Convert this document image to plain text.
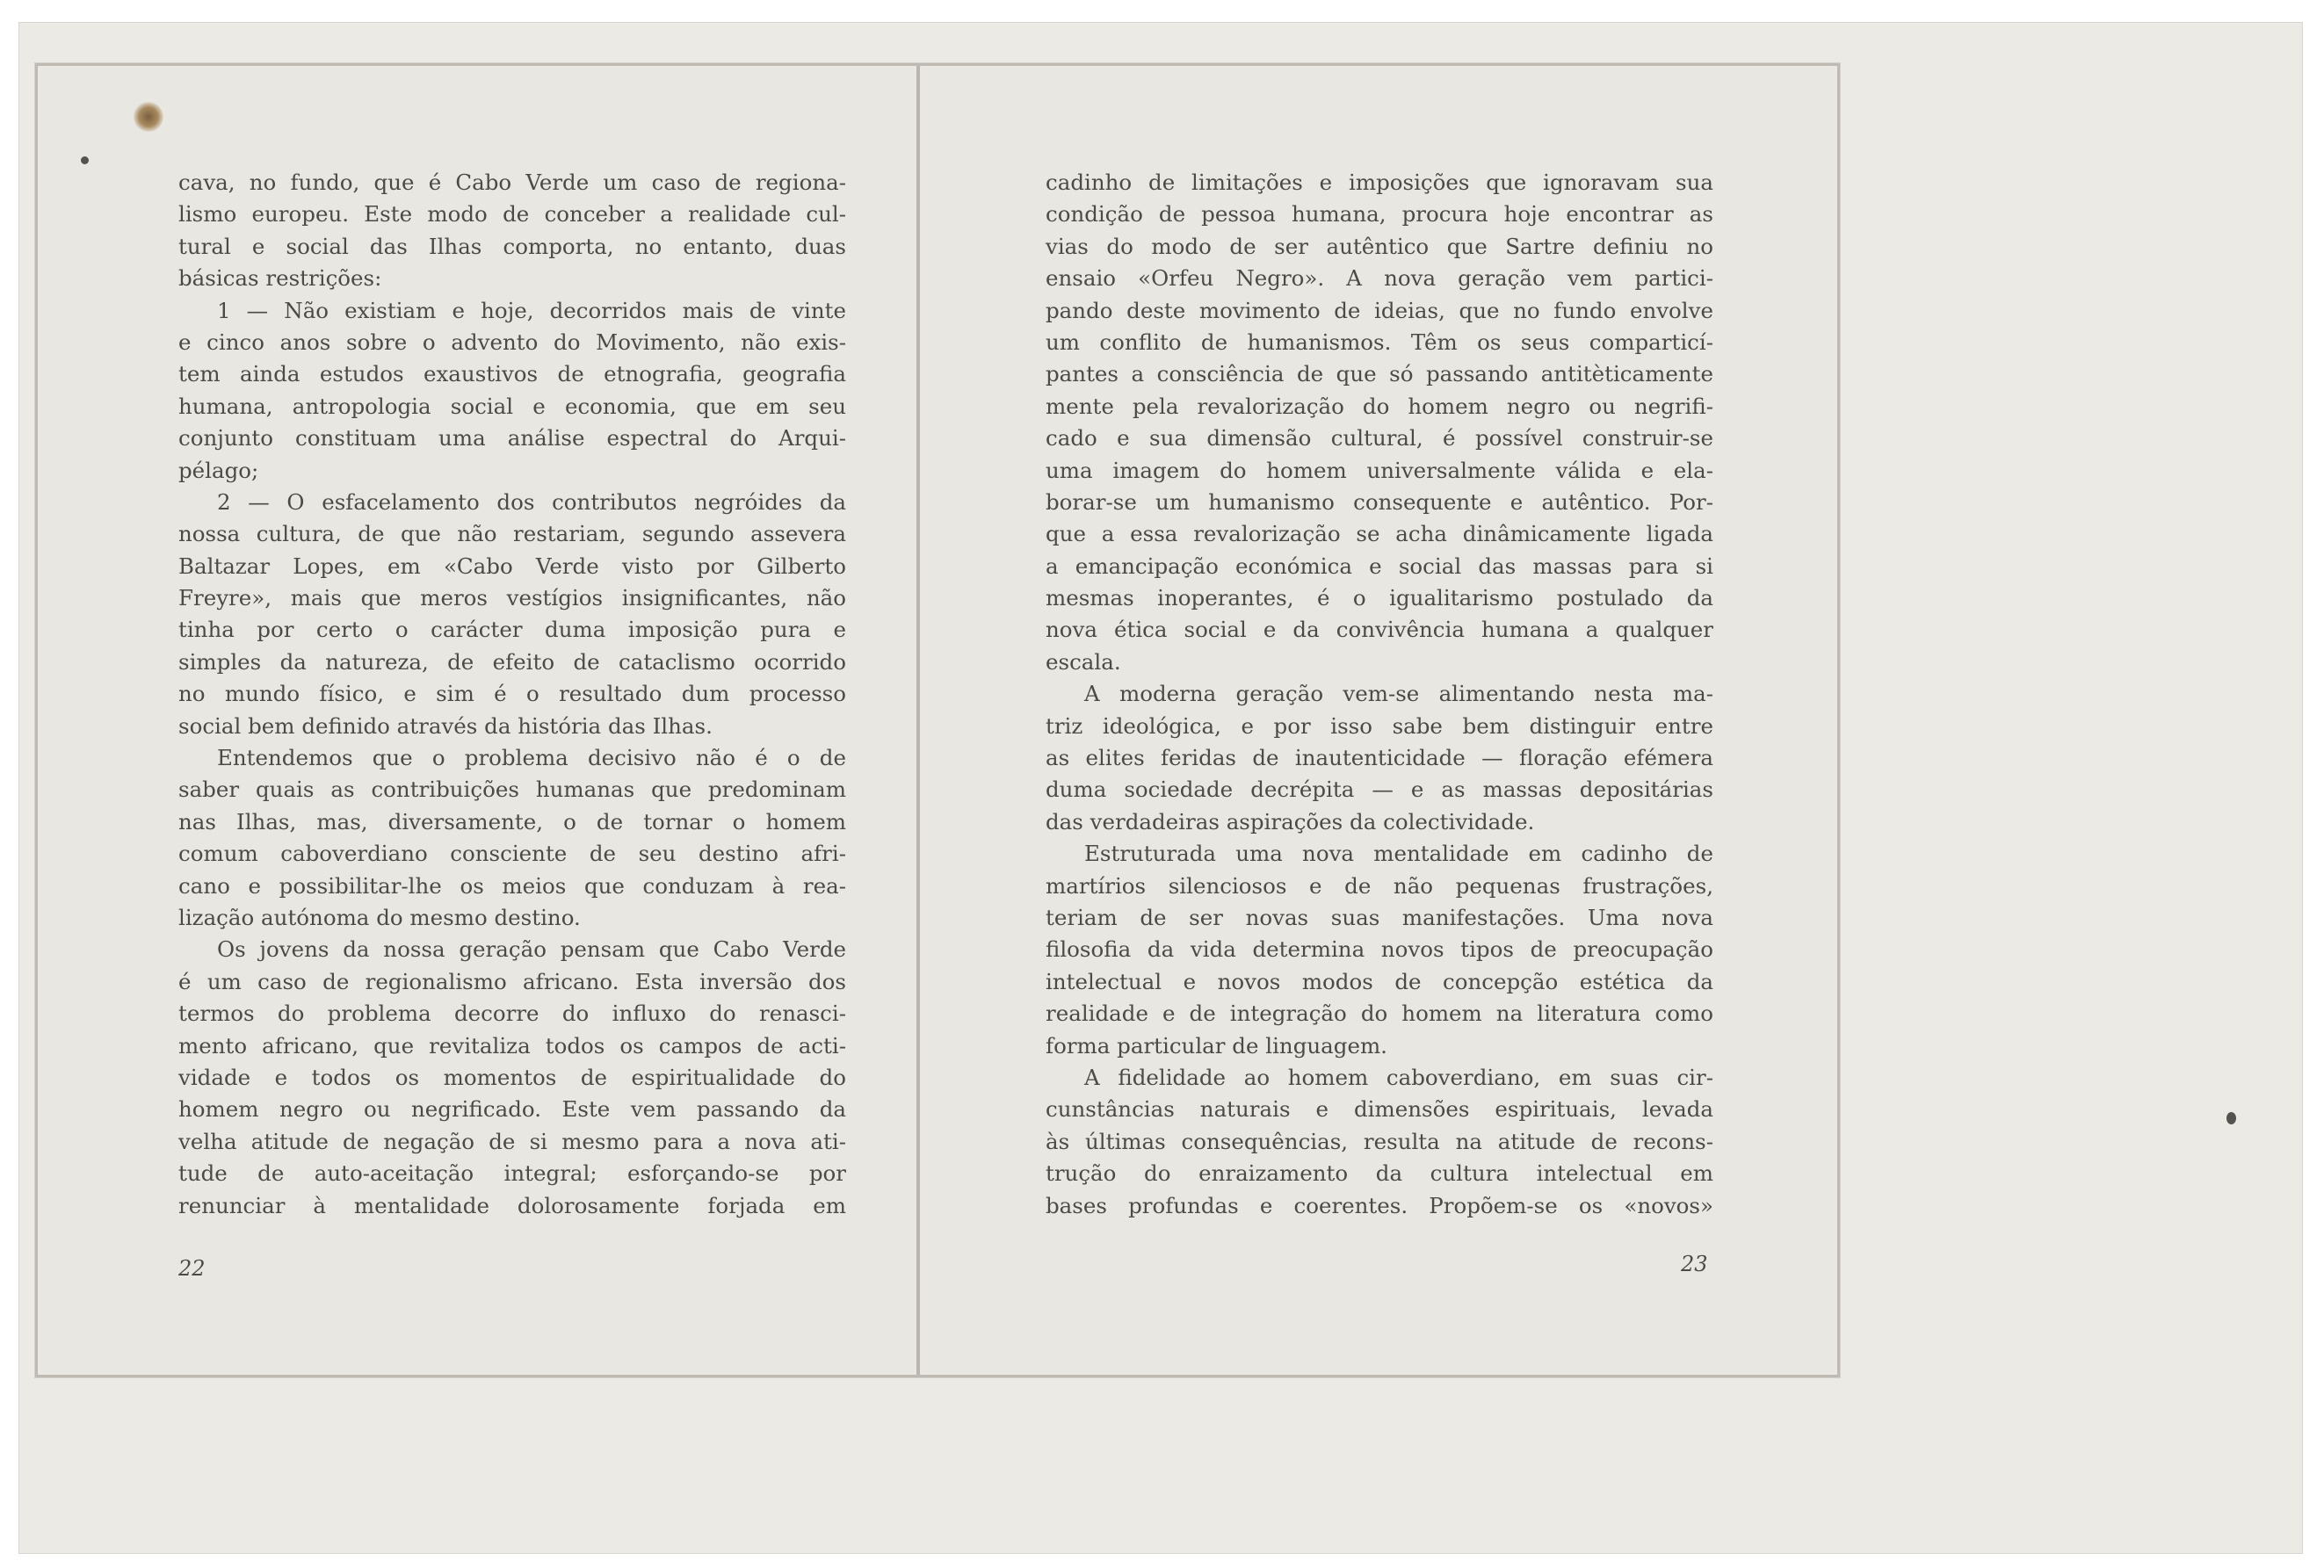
cava, no fundo, que é Cabo Verde um caso de regiona-
lismo europeu. Este modo de conceber a realidade cul-
tural e social das Ilhas comporta, no entanto, duas
básicas restrições:
1 — Não existiam e hoje, decorridos mais de vinte
e cinco anos sobre o advento do Movimento, não exis-
tem ainda estudos exaustivos de etnografia, geografia
humana, antropologia social e economia, que em seu
conjunto constituam uma análise espectral do Arqui-
pélago;
2 — O esfacelamento dos contributos negróides da
nossa cultura, de que não restariam, segundo assevera
Baltazar Lopes, em «Cabo Verde visto por Gilberto
Freyre», mais que meros vestígios insignificantes, não
tinha por certo o carácter duma imposição pura e
simples da natureza, de efeito de cataclismo ocorrido
no mundo físico, e sim é o resultado dum processo
social bem definido através da história das Ilhas.
Entendemos que o problema decisivo não é o de
saber quais as contribuições humanas que predominam
nas Ilhas, mas, diversamente, o de tornar o homem
comum caboverdiano consciente de seu destino afri-
cano e possibilitar-lhe os meios que conduzam à rea-
lização autónoma do mesmo destino.
Os jovens da nossa geração pensam que Cabo Verde
é um caso de regionalismo africano. Esta inversão dos
termos do problema decorre do influxo do renasci-
mento africano, que revitaliza todos os campos de acti-
vidade e todos os momentos de espiritualidade do
homem negro ou negrificado. Este vem passando da
velha atitude de negação de si mesmo para a nova ati-
tude de auto-aceitação integral; esforçando-se por
renunciar à mentalidade dolorosamente forjada em
cadinho de limitações e imposições que ignoravam sua
condição de pessoa humana, procura hoje encontrar as
vias do modo de ser autêntico que Sartre definiu no
ensaio «Orfeu Negro». A nova geração vem partici-
pando deste movimento de ideias, que no fundo envolve
um conflito de humanismos. Têm os seus comparticí-
pantes a consciência de que só passando antitèticamente
mente pela revalorização do homem negro ou negrifi-
cado e sua dimensão cultural, é possível construir-se
uma imagem do homem universalmente válida e ela-
borar-se um humanismo consequente e autêntico. Por-
que a essa revalorização se acha dinâmicamente ligada
a emancipação económica e social das massas para si
mesmas inoperantes, é o igualitarismo postulado da
nova ética social e da convivência humana a qualquer
escala.
A moderna geração vem-se alimentando nesta ma-
triz ideológica, e por isso sabe bem distinguir entre
as elites feridas de inautenticidade — floração efémera
duma sociedade decrépita — e as massas depositárias
das verdadeiras aspirações da colectividade.
Estruturada uma nova mentalidade em cadinho de
martírios silenciosos e de não pequenas frustrações,
teriam de ser novas suas manifestações. Uma nova
filosofia da vida determina novos tipos de preocupação
intelectual e novos modos de concepção estética da
realidade e de integração do homem na literatura como
forma particular de linguagem.
A fidelidade ao homem caboverdiano, em suas cir-
cunstâncias naturais e dimensões espirituais, levada
às últimas consequências, resulta na atitude de recons-
trução do enraizamento da cultura intelectual em
bases profundas e coerentes. Propõem-se os «novos»
22	23
